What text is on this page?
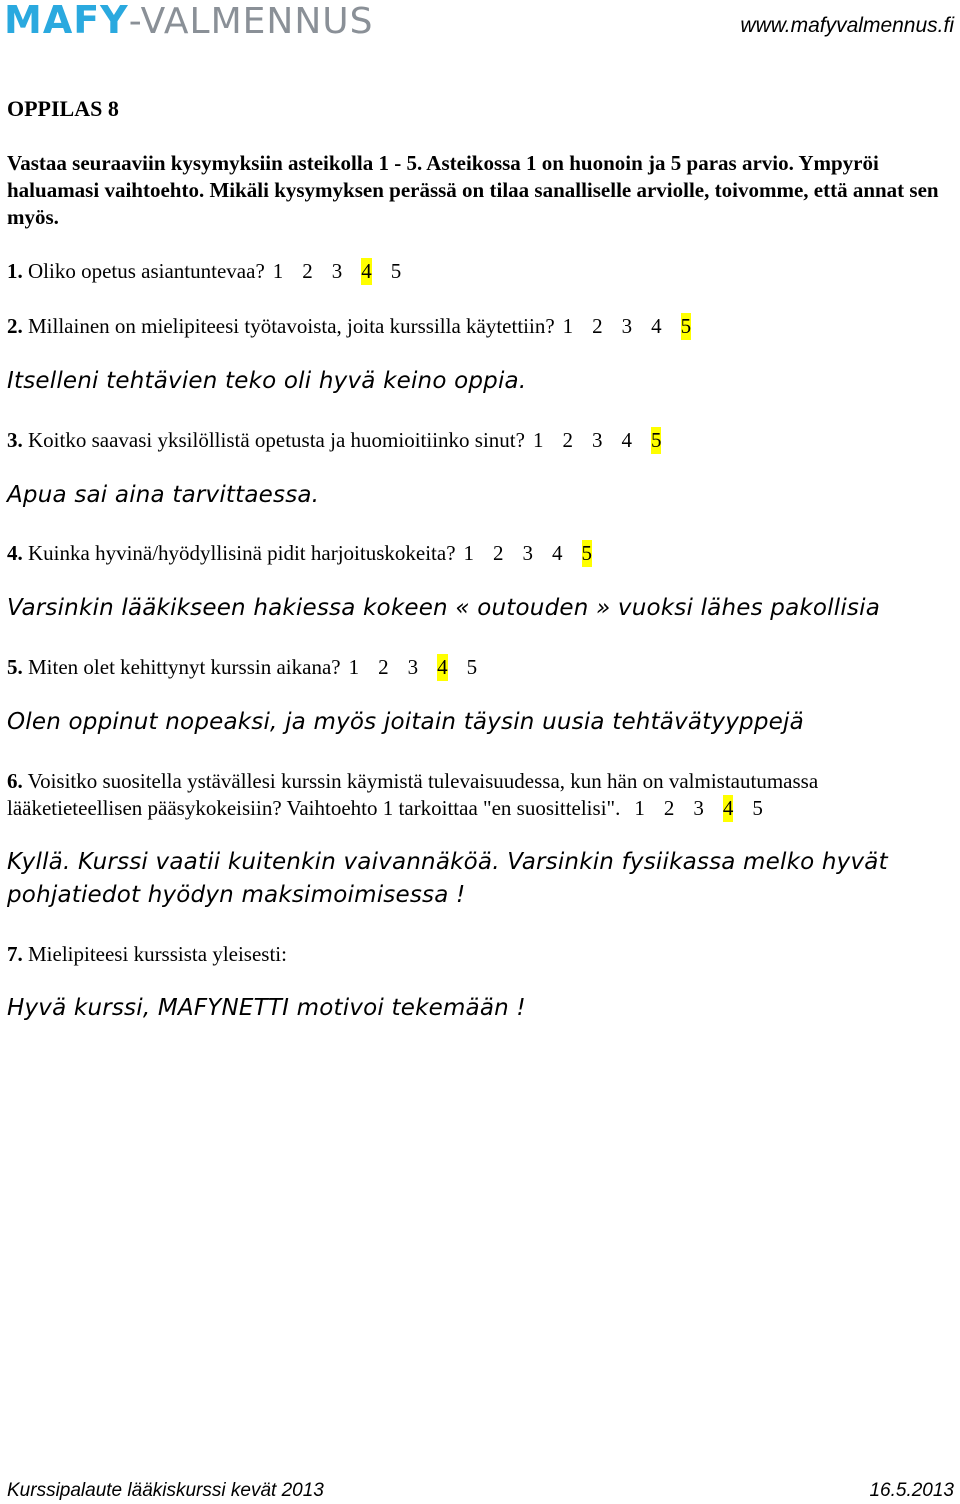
MAFY-VALMENNUS	www.mafyvalmennus.fi
OPPILAS 8
Vastaa seuraaviin kysymyksiin asteikolla 1 - 5. Asteikossa 1 on huonoin ja 5 paras arvio. Ympyröi haluamasi vaihtoehto. Mikäli kysymyksen perässä on tilaa sanalliselle arviolle, toivomme, että annat sen myös.
1. Oliko opetus asiantuntevaa? 1 2 3 4 5
2. Millainen on mielipiteesi työtavoista, joita kurssilla käytettiin? 1 2 3 4 5
Itselleni tehtävien teko oli hyvä keino oppia.
3. Koitko saavasi yksilöllistä opetusta ja huomioitiinko sinut? 1 2 3 4 5
Apua sai aina tarvittaessa.
4. Kuinka hyvinä/hyödyllisinä pidit harjoituskokeita? 1 2 3 4 5
Varsinkin lääkikseen hakiessa kokeen « outouden » vuoksi lähes pakollisia
5. Miten olet kehittynyt kurssin aikana? 1 2 3 4 5
Olen oppinut nopeaksi, ja myös joitain täysin uusia tehtävätyyppejä
6. Voisitko suositella ystävällesi kurssin käymistä tulevaisuudessa, kun hän on valmistautumassa
lääketieteellisen pääsykokeisiin? Vaihtoehto 1 tarkoittaa "en suosittelisi". 1 2 3 4 5
Kyllä. Kurssi vaatii kuitenkin vaivannäköä. Varsinkin fysiikassa melko hyvät pohjatiedot hyödyn maksimoimisessa !
7. Mielipiteesi kurssista yleisesti:
Hyvä kurssi, MAFYNETTI motivoi tekemään !
Kurssipalaute lääkiskurssi kevät 2013	16.5.2013
